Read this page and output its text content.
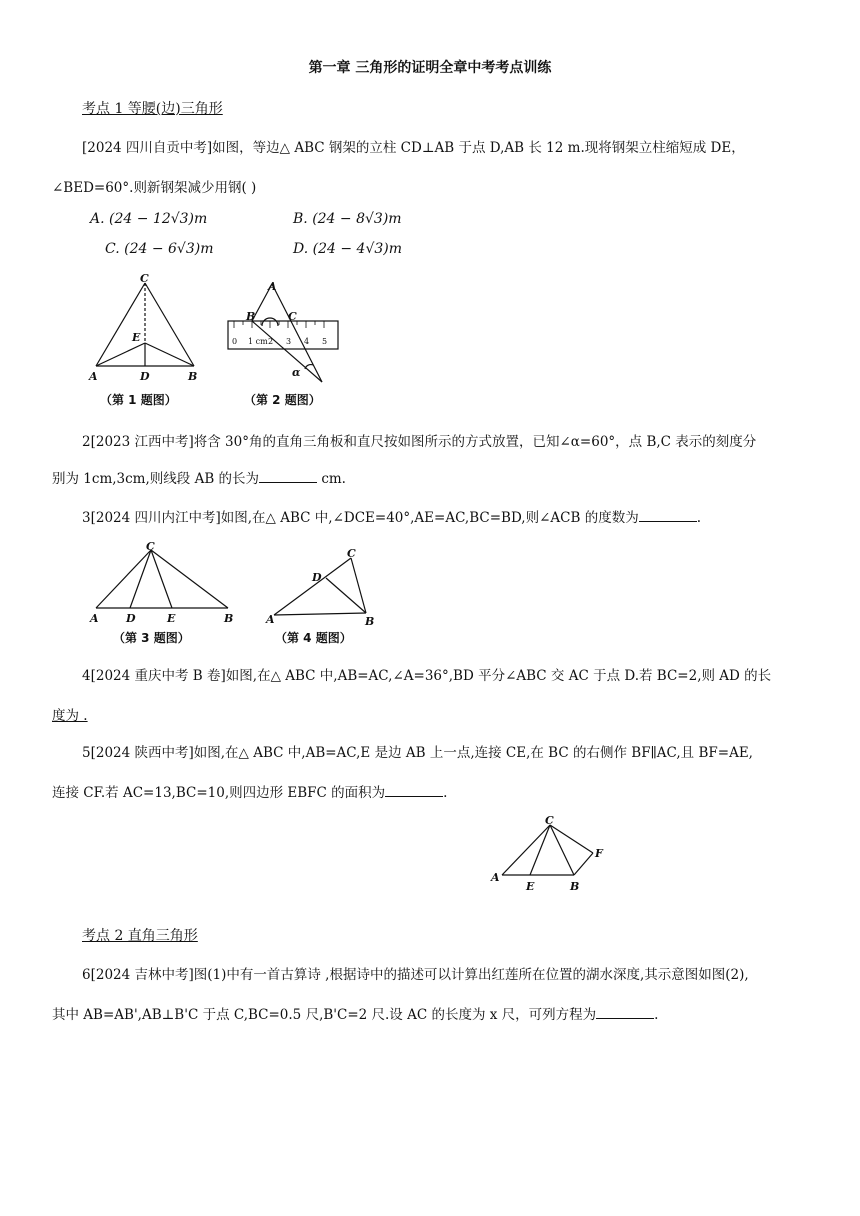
第一章 三角形的证明全章中考考点训练
考点 1 等腰(边)三角形
[2024 四川自贡中考]如图，等边△ ABC 钢架的立柱 CD⊥AB 于点 D,AB 长 12 m.现将钢架立柱缩短成 DE，
∠BED=60°.则新钢架减少用钢( )
A. (24 − 12√3)m	B. (24 − 8√3)m
C. (24 − 6√3)m	D. (24 − 4√3)m
C
E
A	D	B
（第 1 题图）
A
B	C
α
0 1 cm 2 3 4 5
（第 2 题图）
2[2023 江西中考]将含 30°角的直角三角板和直尺按如图所示的方式放置，已知∠α=60°，点 B,C 表示的刻度分
别为 1cm,3cm,则线段 AB 的长为	cm.
3[2024 四川内江中考]如图,在△ ABC 中,∠DCE=40°,AE=AC,BC=BD,则∠ACB 的度数为	.
C
A D	E	B
（第 3 题图）
C
D
A	B
（第 4 题图）
4[2024 重庆中考 B 卷]如图,在△ ABC 中,AB=AC,∠A=36°,BD 平分∠ABC 交 AC 于点 D.若 BC=2,则 AD 的长
度为 .
5[2024 陕西中考]如图,在△ ABC 中,AB=AC,E 是边 AB 上一点,连接 CE,在 BC 的右侧作 BF∥AC,且 BF=AE,
连接 CF.若 AC=13,BC=10,则四边形 EBFC 的面积为	.
C
F
A
E	B
考点 2 直角三角形
6[2024 吉林中考]图(1)中有一首古算诗 ,根据诗中的描述可以计算出红莲所在位置的湖水深度,其示意图如图(2),
其中 AB=AB',AB⊥B'C 于点 C,BC=0.5 尺,B'C=2 尺.设 AC 的长度为 x 尺，可列方程为	.
